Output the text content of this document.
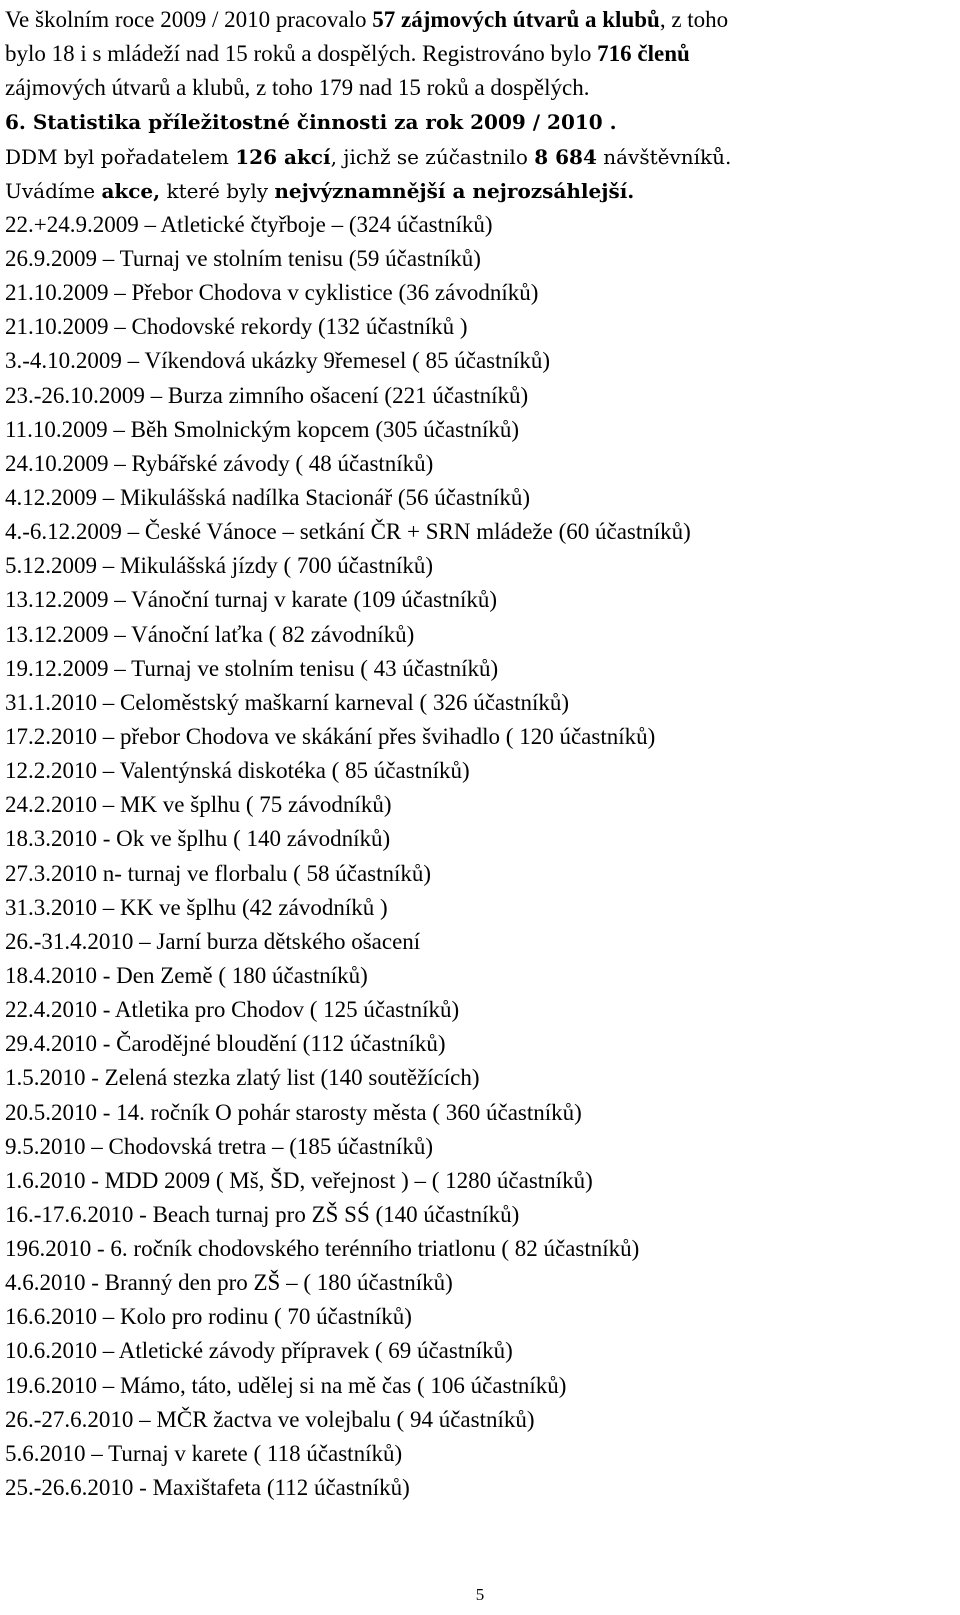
Ve školním roce 2009 / 2010 pracovalo 57 zájmových útvarů a klubů, z toho
bylo 18 i s mládeží nad 15 roků a dospělých. Registrováno bylo 716 členů
zájmových útvarů a klubů, z toho 179 nad 15 roků a dospělých.
6. Statistika příležitostné činnosti za rok 2009 / 2010 .
DDM byl pořadatelem 126 akcí, jichž se zúčastnilo 8 684 návštěvníků.
Uvádíme akce, které byly nejvýznamnější a nejrozsáhlejší.
22.+24.9.2009 – Atletické čtyřboje – (324 účastníků)
26.9.2009 – Turnaj ve stolním tenisu (59 účastníků)
21.10.2009 – Přebor Chodova v cyklistice (36 závodníků)
21.10.2009 – Chodovské rekordy (132 účastníků )
3.-4.10.2009 – Víkendová ukázky 9řemesel ( 85 účastníků)
23.-26.10.2009 – Burza zimního ošacení (221 účastníků)
11.10.2009 – Běh Smolnickým kopcem (305 účastníků)
24.10.2009 – Rybářské závody ( 48 účastníků)
4.12.2009 – Mikulášská nadílka Stacionář (56 účastníků)
4.-6.12.2009 – České Vánoce – setkání ČR + SRN mládeže (60 účastníků)
5.12.2009 – Mikulášská jízdy ( 700 účastníků)
13.12.2009 – Vánoční turnaj v karate (109 účastníků)
13.12.2009 – Vánoční laťka ( 82 závodníků)
19.12.2009 – Turnaj ve stolním tenisu ( 43 účastníků)
31.1.2010 – Celoměstský maškarní karneval ( 326 účastníků)
17.2.2010 – přebor Chodova ve skákání přes švihadlo ( 120 účastníků)
12.2.2010 – Valentýnská diskotéka ( 85 účastníků)
24.2.2010 – MK ve šplhu ( 75 závodníků)
18.3.2010 - Ok ve šplhu ( 140 závodníků)
27.3.2010 n- turnaj ve florbalu ( 58 účastníků)
31.3.2010 – KK ve šplhu (42 závodníků )
26.-31.4.2010 – Jarní burza dětského ošacení
18.4.2010 - Den Země ( 180 účastníků)
22.4.2010 - Atletika pro Chodov ( 125 účastníků)
29.4.2010 - Čarodějné bloudění (112 účastníků)
1.5.2010 - Zelená stezka zlatý list (140 soutěžících)
20.5.2010 - 14. ročník O pohár starosty města ( 360 účastníků)
9.5.2010 – Chodovská tretra – (185 účastníků)
1.6.2010 - MDD 2009 ( Mš, ŠD, veřejnost ) – ( 1280 účastníků)
16.-17.6.2010 - Beach turnaj pro ZŠ SŚ (140 účastníků)
196.2010 - 6. ročník chodovského terénního triatlonu ( 82 účastníků)
4.6.2010 - Branný den pro ZŠ – ( 180 účastníků)
16.6.2010 – Kolo pro rodinu ( 70 účastníků)
10.6.2010 – Atletické závody přípravek ( 69 účastníků)
19.6.2010 – Mámo, táto, udělej si na mě čas ( 106 účastníků)
26.-27.6.2010 – MČR žactva ve volejbalu ( 94 účastníků)
5.6.2010 – Turnaj v karete ( 118 účastníků)
25.-26.6.2010 - Maxištafeta (112 účastníků)
5
